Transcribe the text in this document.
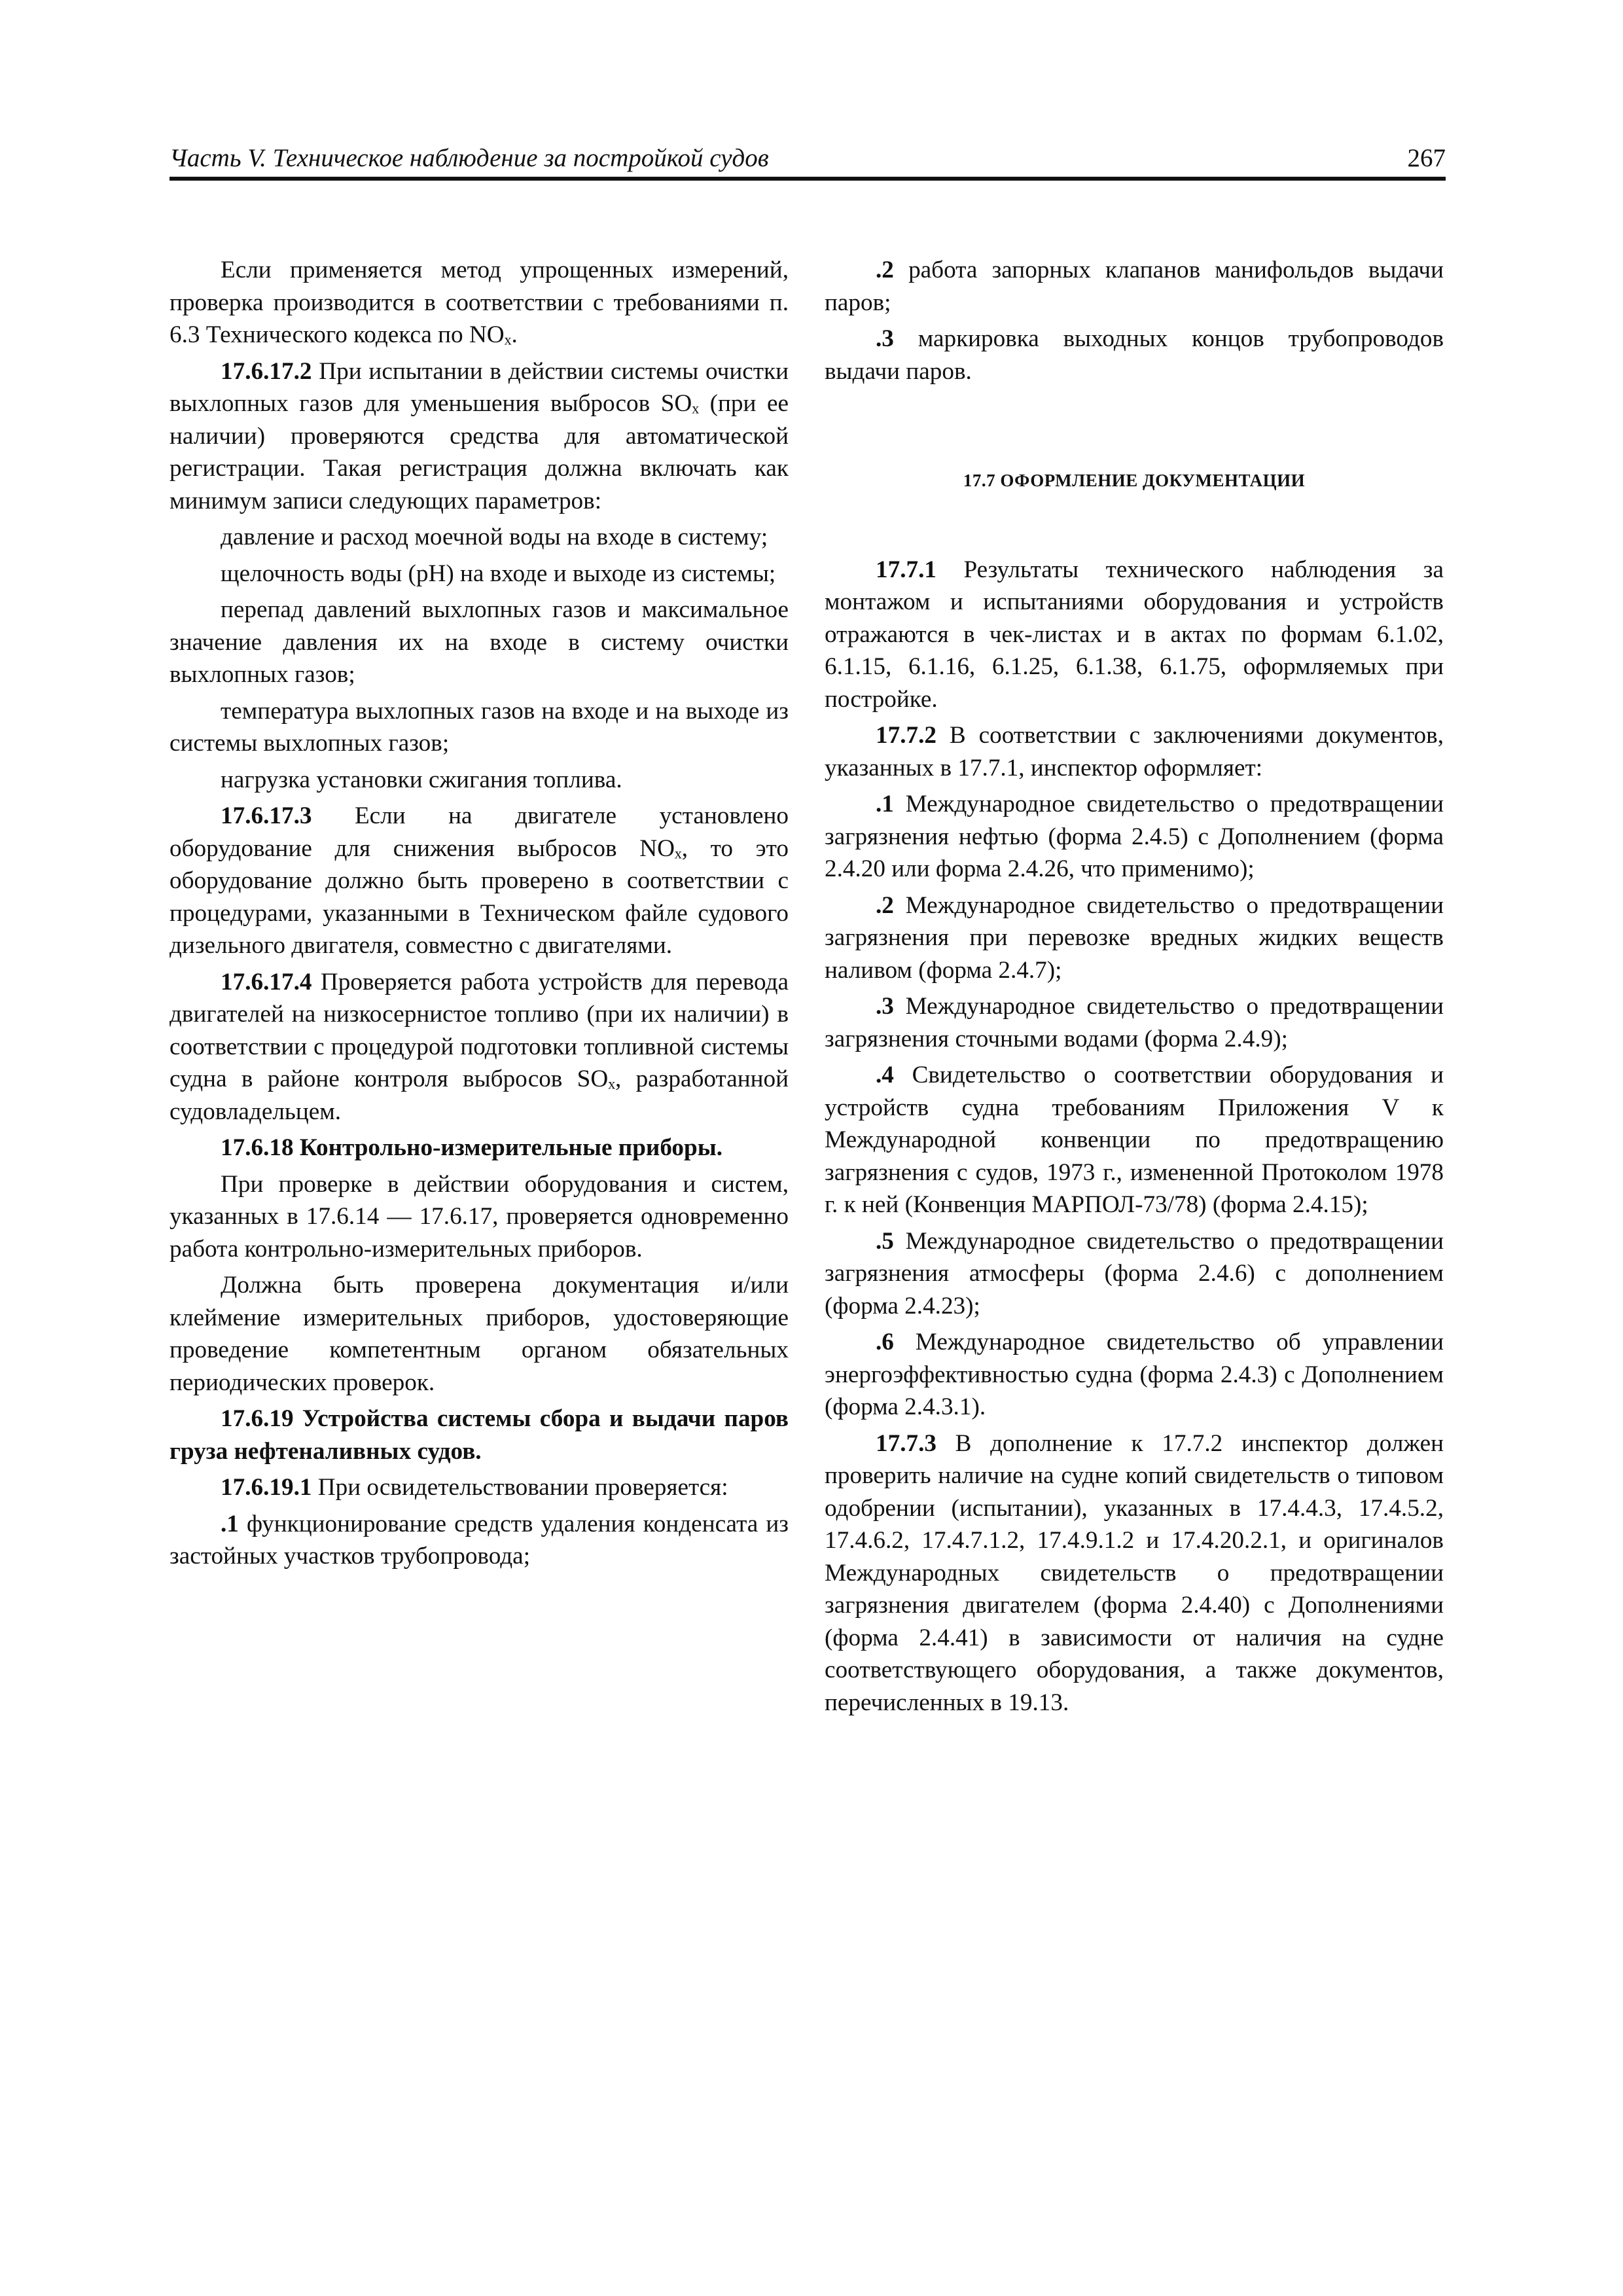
Часть V. Техническое наблюдение за постройкой судов	267

Если применяется метод упрощенных измерений, проверка производится в соответствии с требованиями п. 6.3 Технического кодекса по NOₓ.

17.6.17.2 При испытании в действии системы очистки выхлопных газов для уменьшения выбросов SOₓ (при ее наличии) проверяются средства для автоматической регистрации. Такая регистрация должна включать как минимум записи следующих параметров:

давление и расход моечной воды на входе в систему;

щелочность воды (pH) на входе и выходе из системы;

перепад давлений выхлопных газов и максимальное значение давления их на входе в систему очистки выхлопных газов;

температура выхлопных газов на входе и на выходе из системы выхлопных газов;

нагрузка установки сжигания топлива.

17.6.17.3 Если на двигателе установлено оборудование для снижения выбросов NOₓ, то это оборудование должно быть проверено в соответствии с процедурами, указанными в Техническом файле судового дизельного двигателя, совместно с двигателями.

17.6.17.4 Проверяется работа устройств для перевода двигателей на низкосернистое топливо (при их наличии) в соответствии с процедурой подготовки топливной системы судна в районе контроля выбросов SOₓ, разработанной судовладельцем.

17.6.18 Контрольно-измерительные приборы.

При проверке в действии оборудования и систем, указанных в 17.6.14 — 17.6.17, проверяется одновременно работа контрольно-измерительных приборов.

Должна быть проверена документация и/или клеймение измерительных приборов, удостоверяющие проведение компетентным органом обязательных периодических проверок.

17.6.19 Устройства системы сбора и выдачи паров груза нефтеналивных судов.

17.6.19.1 При освидетельствовании проверяется:

.1 функционирование средств удаления конденсата из застойных участков трубопровода;

.2 работа запорных клапанов манифольдов выдачи паров;

.3 маркировка выходных концов трубопроводов выдачи паров.

17.7 ОФОРМЛЕНИЕ ДОКУМЕНТАЦИИ

17.7.1 Результаты технического наблюдения за монтажом и испытаниями оборудования и устройств отражаются в чек-листах и в актах по формам 6.1.02, 6.1.15, 6.1.16, 6.1.25, 6.1.38, 6.1.75, оформляемых при постройке.

17.7.2 В соответствии с заключениями документов, указанных в 17.7.1, инспектор оформляет:

.1 Международное свидетельство о предотвращении загрязнения нефтью (форма 2.4.5) с Дополнением (форма 2.4.20 или форма 2.4.26, что применимо);

.2 Международное свидетельство о предотвращении загрязнения при перевозке вредных жидких веществ наливом (форма 2.4.7);

.3 Международное свидетельство о предотвращении загрязнения сточными водами (форма 2.4.9);

.4 Свидетельство о соответствии оборудования и устройств судна требованиям Приложения V к Международной конвенции по предотвращению загрязнения с судов, 1973 г., измененной Протоколом 1978 г. к ней (Конвенция МАРПОЛ-73/78) (форма 2.4.15);

.5 Международное свидетельство о предотвращении загрязнения атмосферы (форма 2.4.6) с дополнением (форма 2.4.23);

.6 Международное свидетельство об управлении энергоэффективностью судна (форма 2.4.3) с Дополнением (форма 2.4.3.1).

17.7.3 В дополнение к 17.7.2 инспектор должен проверить наличие на судне копий свидетельств о типовом одобрении (испытании), указанных в 17.4.4.3, 17.4.5.2, 17.4.6.2, 17.4.7.1.2, 17.4.9.1.2 и 17.4.20.2.1, и оригиналов Международных свидетельств о предотвращении загрязнения двигателем (форма 2.4.40) с Дополнениями (форма 2.4.41) в зависимости от наличия на судне соответствующего оборудования, а также документов, перечисленных в 19.13.
